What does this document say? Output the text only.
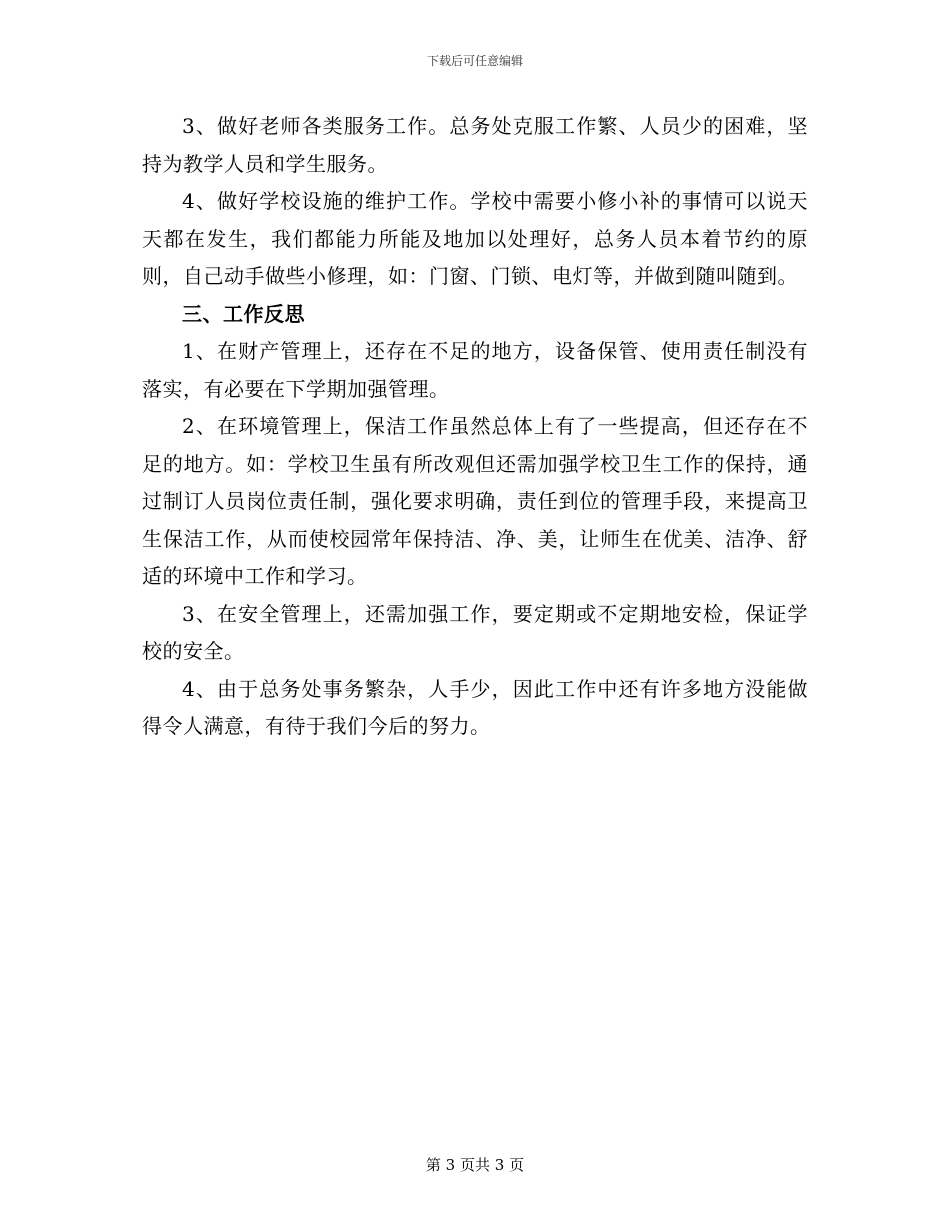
下载后可任意编辑

3、做好老师各类服务工作。总务处克服工作繁、人员少的困难，坚持为教学人员和学生服务。

4、做好学校设施的维护工作。学校中需要小修小补的事情可以说天天都在发生，我们都能力所能及地加以处理好，总务人员本着节约的原则，自己动手做些小修理，如：门窗、门锁、电灯等，并做到随叫随到。

三、工作反思

1、在财产管理上，还存在不足的地方，设备保管、使用责任制没有落实，有必要在下学期加强管理。

2、在环境管理上，保洁工作虽然总体上有了一些提高，但还存在不足的地方。如：学校卫生虽有所改观但还需加强学校卫生工作的保持，通过制订人员岗位责任制，强化要求明确，责任到位的管理手段，来提高卫生保洁工作，从而使校园常年保持洁、净、美，让师生在优美、洁净、舒适的环境中工作和学习。

3、在安全管理上，还需加强工作，要定期或不定期地安检，保证学校的安全。

4、由于总务处事务繁杂，人手少，因此工作中还有许多地方没能做得令人满意，有待于我们今后的努力。

第 3 页共 3 页
